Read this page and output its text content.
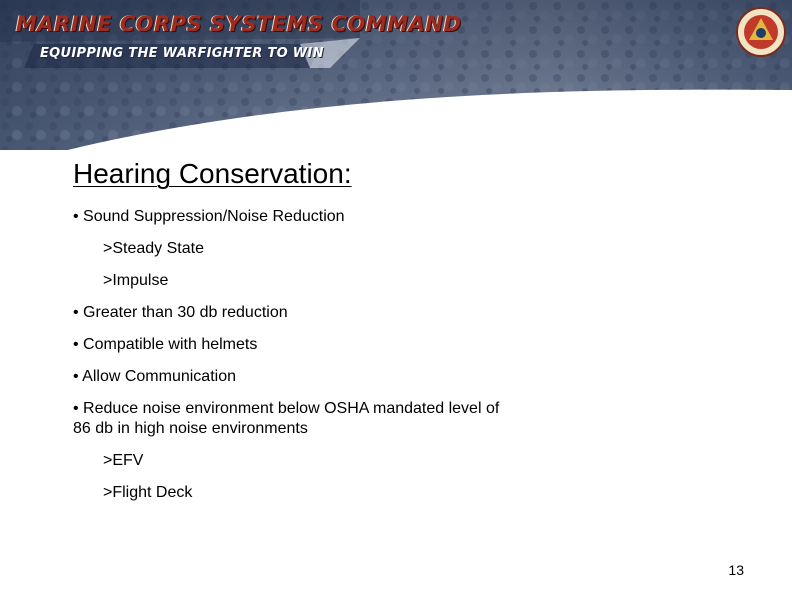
MARINE CORPS SYSTEMS COMMAND
EQUIPPING THE WARFIGHTER TO WIN
Hearing Conservation:

• Sound Suppression/Noise Reduction

>Steady State

>Impulse

• Greater than 30 db reduction

• Compatible with helmets

• Allow Communication

• Reduce noise environment below OSHA mandated level of 86 db in high noise environments

>EFV

>Flight Deck

13
